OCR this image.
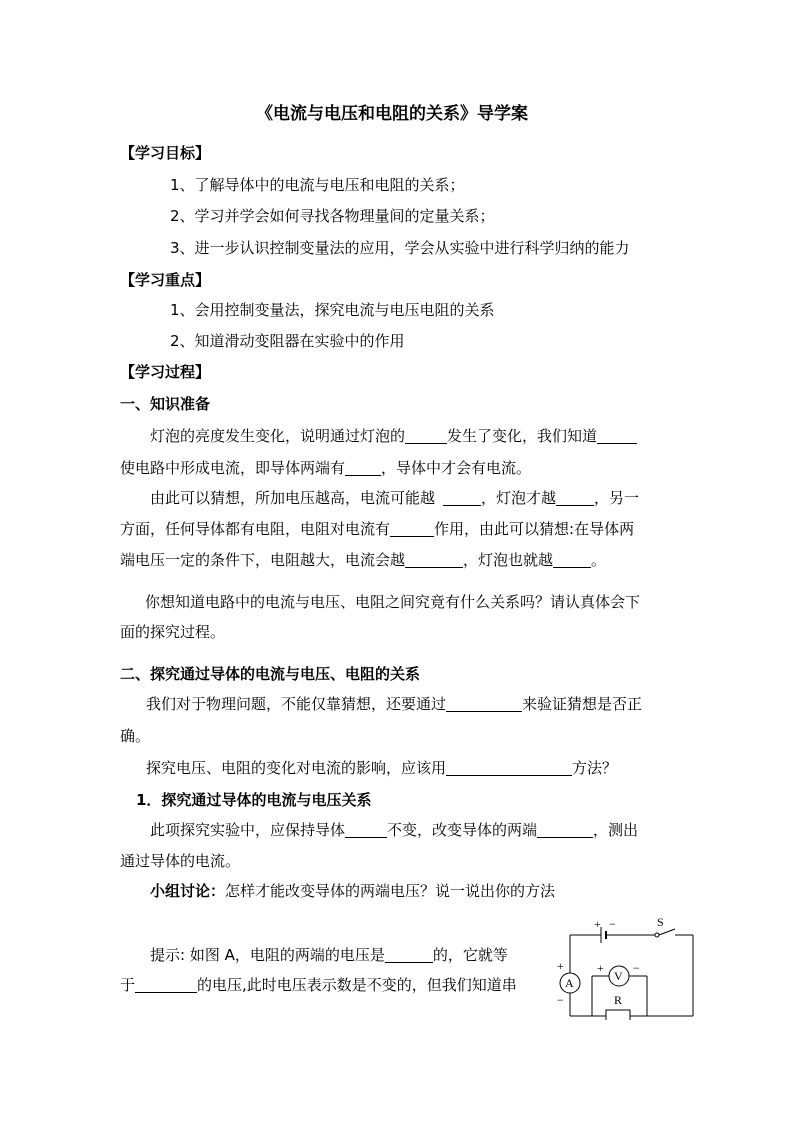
《电流与电压和电阻的关系》导学案
【学习目标】
1、了解导体中的电流与电压和电阻的关系；
2、学习并学会如何寻找各物理量间的定量关系；
3、进一步认识控制变量法的应用，学会从实验中进行科学归纳的能力
【学习重点】
1、会用控制变量法，探究电流与电压电阻的关系
2、知道滑动变阻器在实验中的作用
【学习过程】
一、知识准备
灯泡的亮度发生变化，说明通过灯泡的	发生了变化，我们知道
使电路中形成电流，即导体两端有 ，导体中才会有电流。
由此可以猜想，所加电压越高，电流可能越	，灯泡才越	，另一
方面，任何导体都有电阻，电阻对电流有	作用，由此可以猜想:在导体两
端电压一定的条件下，电阻越大，电流会越	，灯泡也就越	。
你想知道电路中的电流与电压、电阻之间究竟有什么关系吗？请认真体会下
面的探究过程。
二、探究通过导体的电流与电压、电阻的关系
我们对于物理问题，不能仅靠猜想，还要通过	来验证猜想是否正
确。
探究电压、电阻的变化对电流的影响，应该用	方法？
1．探究通过导体的电流与电压关系
此项探究实验中，应保持导体	不变，改变导体的两端	，测出
通过导体的电流。
小组讨论：怎样才能改变导体的两端电压？说一说出你的方法
提示: 如图 A，电阻的两端的电压是	的，它就等
于	的电压,此时电压表示数是不变的，但我们知道串
+ −	S
A
+
−
V
+ −
R
